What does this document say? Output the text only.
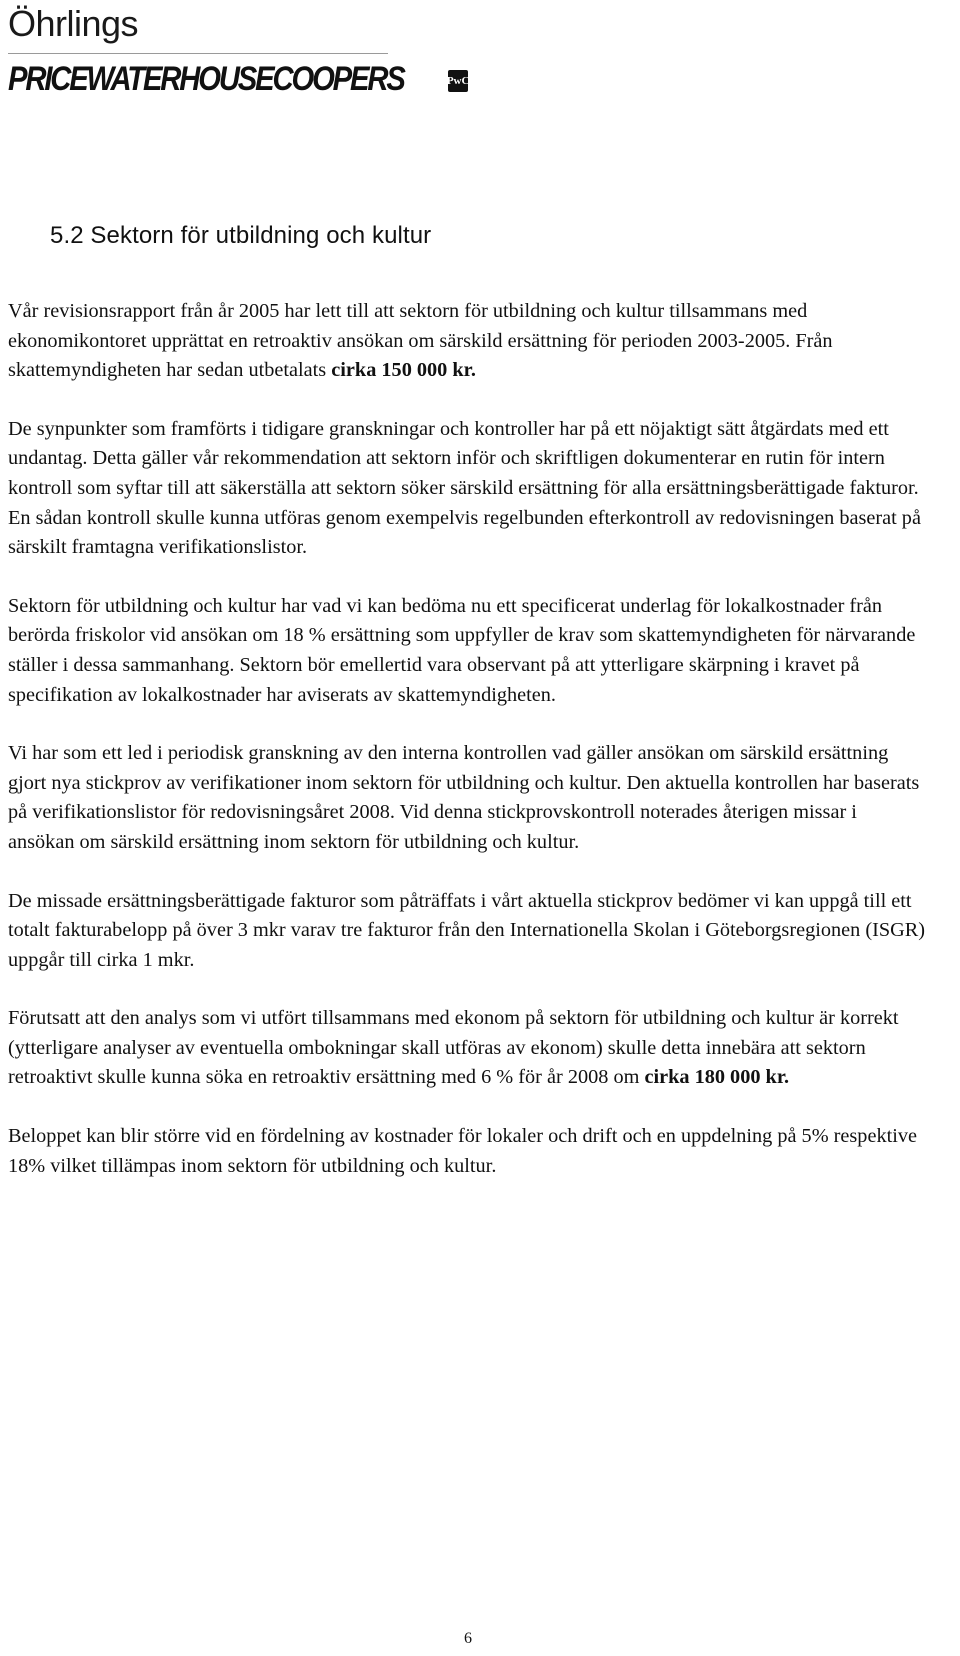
Öhrlings
PRICEWATERHOUSECOOPERS	PwC
5.2 Sektorn för utbildning och kultur

Vår revisionsrapport från år 2005 har lett till att sektorn för utbildning och kultur tillsammans med ekonomikontoret upprättat en retroaktiv ansökan om särskild ersättning för perioden 2003-2005. Från skattemyndigheten har sedan utbetalats cirka 150 000 kr.

De synpunkter som framförts i tidigare granskningar och kontroller har på ett nöjaktigt sätt åtgärdats med ett undantag. Detta gäller vår rekommendation att sektorn inför och skriftligen dokumenterar en rutin för intern kontroll som syftar till att säkerställa att sektorn söker särskild ersättning för alla ersättningsberättigade fakturor. En sådan kontroll skulle kunna utföras genom exempelvis regelbunden efterkontroll av redovisningen baserat på särskilt framtagna verifikationslistor.

Sektorn för utbildning och kultur har vad vi kan bedöma nu ett specificerat underlag för lokalkostnader från berörda friskolor vid ansökan om 18 % ersättning som uppfyller de krav som skattemyndigheten för närvarande ställer i dessa sammanhang. Sektorn bör emellertid vara observant på att ytterligare skärpning i kravet på specifikation av lokalkostnader har aviserats av skattemyndigheten.

Vi har som ett led i periodisk granskning av den interna kontrollen vad gäller ansökan om särskild ersättning gjort nya stickprov av verifikationer inom sektorn för utbildning och kultur. Den aktuella kontrollen har baserats på verifikationslistor för redovisningsåret 2008. Vid denna stickprovskontroll noterades återigen missar i ansökan om särskild ersättning inom sektorn för utbildning och kultur.

De missade ersättningsberättigade fakturor som påträffats i vårt aktuella stickprov bedömer vi kan uppgå till ett totalt fakturabelopp på över 3 mkr varav tre fakturor från den Internationella Skolan i Göteborgsregionen (ISGR) uppgår till cirka 1 mkr.

Förutsatt att den analys som vi utfört tillsammans med ekonom på sektorn för utbildning och kultur är korrekt (ytterligare analyser av eventuella ombokningar skall utföras av ekonom) skulle detta innebära att sektorn retroaktivt skulle kunna söka en retroaktiv ersättning med 6 % för år 2008 om cirka 180 000 kr.

Beloppet kan blir större vid en fördelning av kostnader för lokaler och drift och en uppdelning på 5% respektive 18% vilket tillämpas inom sektorn för utbildning och kultur.

6
